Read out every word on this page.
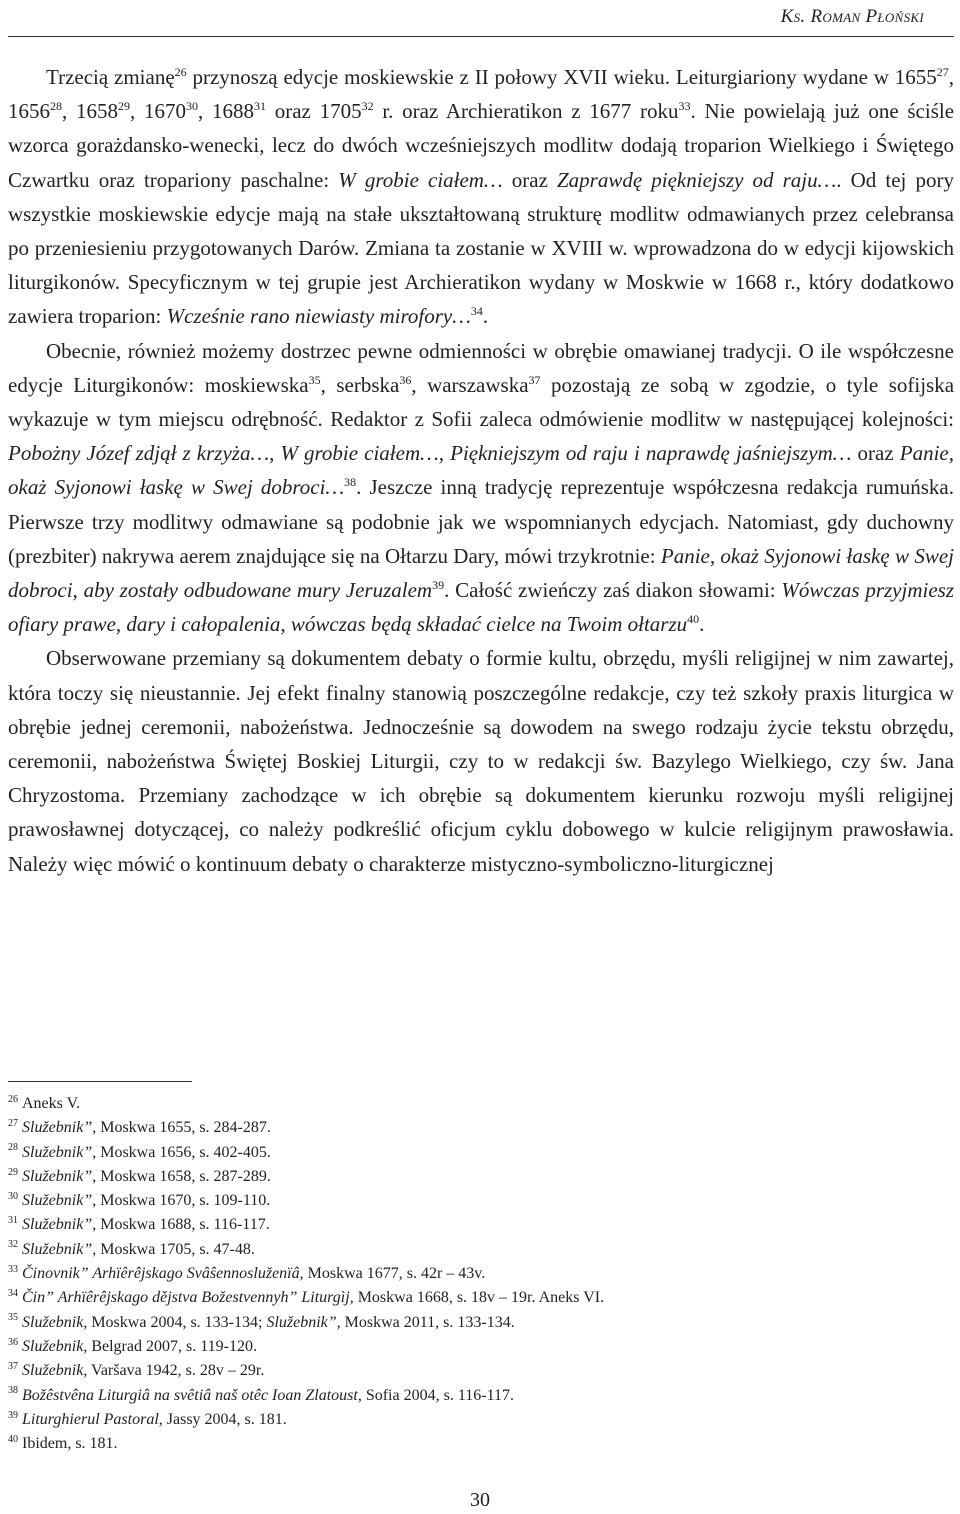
Ks. Roman Płoński

Trzecią zmianę$^{26}$ przynoszą edycje moskiewskie z II połowy XVII wieku. Leiturgiariony wydane w 1655$^{27}$, 1656$^{28}$, 1658$^{29}$, 1670$^{30}$, 1688$^{31}$ oraz 1705$^{32}$ r. oraz Archieratikon z 1677 roku$^{33}$. Nie powielają już one ściśle wzorca gorażdansko-wenecki, lecz do dwóch wcześniejszych modlitw dodają troparion Wielkiego i Świętego Czwartku oraz tropariony paschalne: W grobie ciałem… oraz Zaprawdę piękniejszy od raju…. Od tej pory wszystkie moskiewskie edycje mają na stałe ukształtowaną strukturę modlitw odmawianych przez celebransa po przeniesieniu przygotowanych Darów. Zmiana ta zostanie w XVIII w. wprowadzona do w edycji kijowskich liturgikonów. Specyficznym w tej grupie jest Archieratikon wydany w Moskwie w 1668 r., który dodatkowo zawiera troparion: Wcześnie rano niewiasty mirofory…$^{34}$.

Obecnie, również możemy dostrzec pewne odmienności w obrębie omawianej tradycji. O ile współczesne edycje Liturgikonów: moskiewska$^{35}$, serbska$^{36}$, warszawska$^{37}$ pozostają ze sobą w zgodzie, o tyle sofijska wykazuje w tym miejscu odrębność. Redaktor z Sofii zaleca odmówienie modlitw w następującej kolejności: Pobożny Józef zdjął z krzyża…, W grobie ciałem…, Piękniejszym od raju i naprawdę jaśniejszym… oraz Panie, okaż Syjonowi łaskę w Swej dobroci…$^{38}$. Jeszcze inną tradycję reprezentuje współczesna redakcja rumuńska. Pierwsze trzy modlitwy odmawiane są podobnie jak we wspomnianych edycjach. Natomiast, gdy duchowny (prezbiter) nakrywa aerem znajdujące się na Ołtarzu Dary, mówi trzykrotnie: Panie, okaż Syjonowi łaskę w Swej dobroci, aby zostały odbudowane mury Jeruzalem$^{39}$. Całość zwieńczy zaś diakon słowami: Wówczas przyjmiesz ofiary prawe, dary i całopalenia, wówczas będą składać cielce na Twoim ołtarzu$^{40}$.

Obserwowane przemiany są dokumentem debaty o formie kultu, obrzędu, myśli religijnej w nim zawartej, która toczy się nieustannie. Jej efekt finalny stanowią poszczególne redakcje, czy też szkoły praxis liturgica w obrębie jednej ceremonii, nabożeństwa. Jednocześnie są dowodem na swego rodzaju życie tekstu obrzędu, ceremonii, nabożeństwa Świętej Boskiej Liturgii, czy to w redakcji św. Bazylego Wielkiego, czy św. Jana Chryzostoma. Przemiany zachodzące w ich obrębie są dokumentem kierunku rozwoju myśli religijnej prawosławnej dotyczącej, co należy podkreślić oficjum cyklu dobowego w kulcie religijnym prawosławia. Należy więc mówić o kontinuum debaty o charakterze mistyczno-symboliczno-liturgicznej

$^{26}$ Aneks V.
$^{27}$ Služebnik”, Moskwa 1655, s. 284-287.
$^{28}$ Služebnik”, Moskwa 1656, s. 402-405.
$^{29}$ Služebnik”, Moskwa 1658, s. 287-289.
$^{30}$ Služebnik”, Moskwa 1670, s. 109-110.
$^{31}$ Služebnik”, Moskwa 1688, s. 116-117.
$^{32}$ Služebnik”, Moskwa 1705, s. 47-48.
$^{33}$ Činovnik” Arhïêrêjskago Svâŝennosluženïâ, Moskwa 1677, s. 42r – 43v.
$^{34}$ Čin” Arhïêrêjskago dějstva Božestvennyh” Liturgìj, Moskwa 1668, s. 18v – 19r. Aneks VI.
$^{35}$ Služebnik, Moskwa 2004, s. 133-134; Služebnik”, Moskwa 2011, s. 133-134.
$^{36}$ Služebnik, Belgrad 2007, s. 119-120.
$^{37}$ Služebnik, Varšava 1942, s. 28v – 29r.
$^{38}$ Božêstvêna Liturgiâ na svêtiâ naš otêc Ioan Zlatoust, Sofia 2004, s. 116-117.
$^{39}$ Liturghierul Pastoral, Jassy 2004, s. 181.
$^{40}$ Ibidem, s. 181.
30
